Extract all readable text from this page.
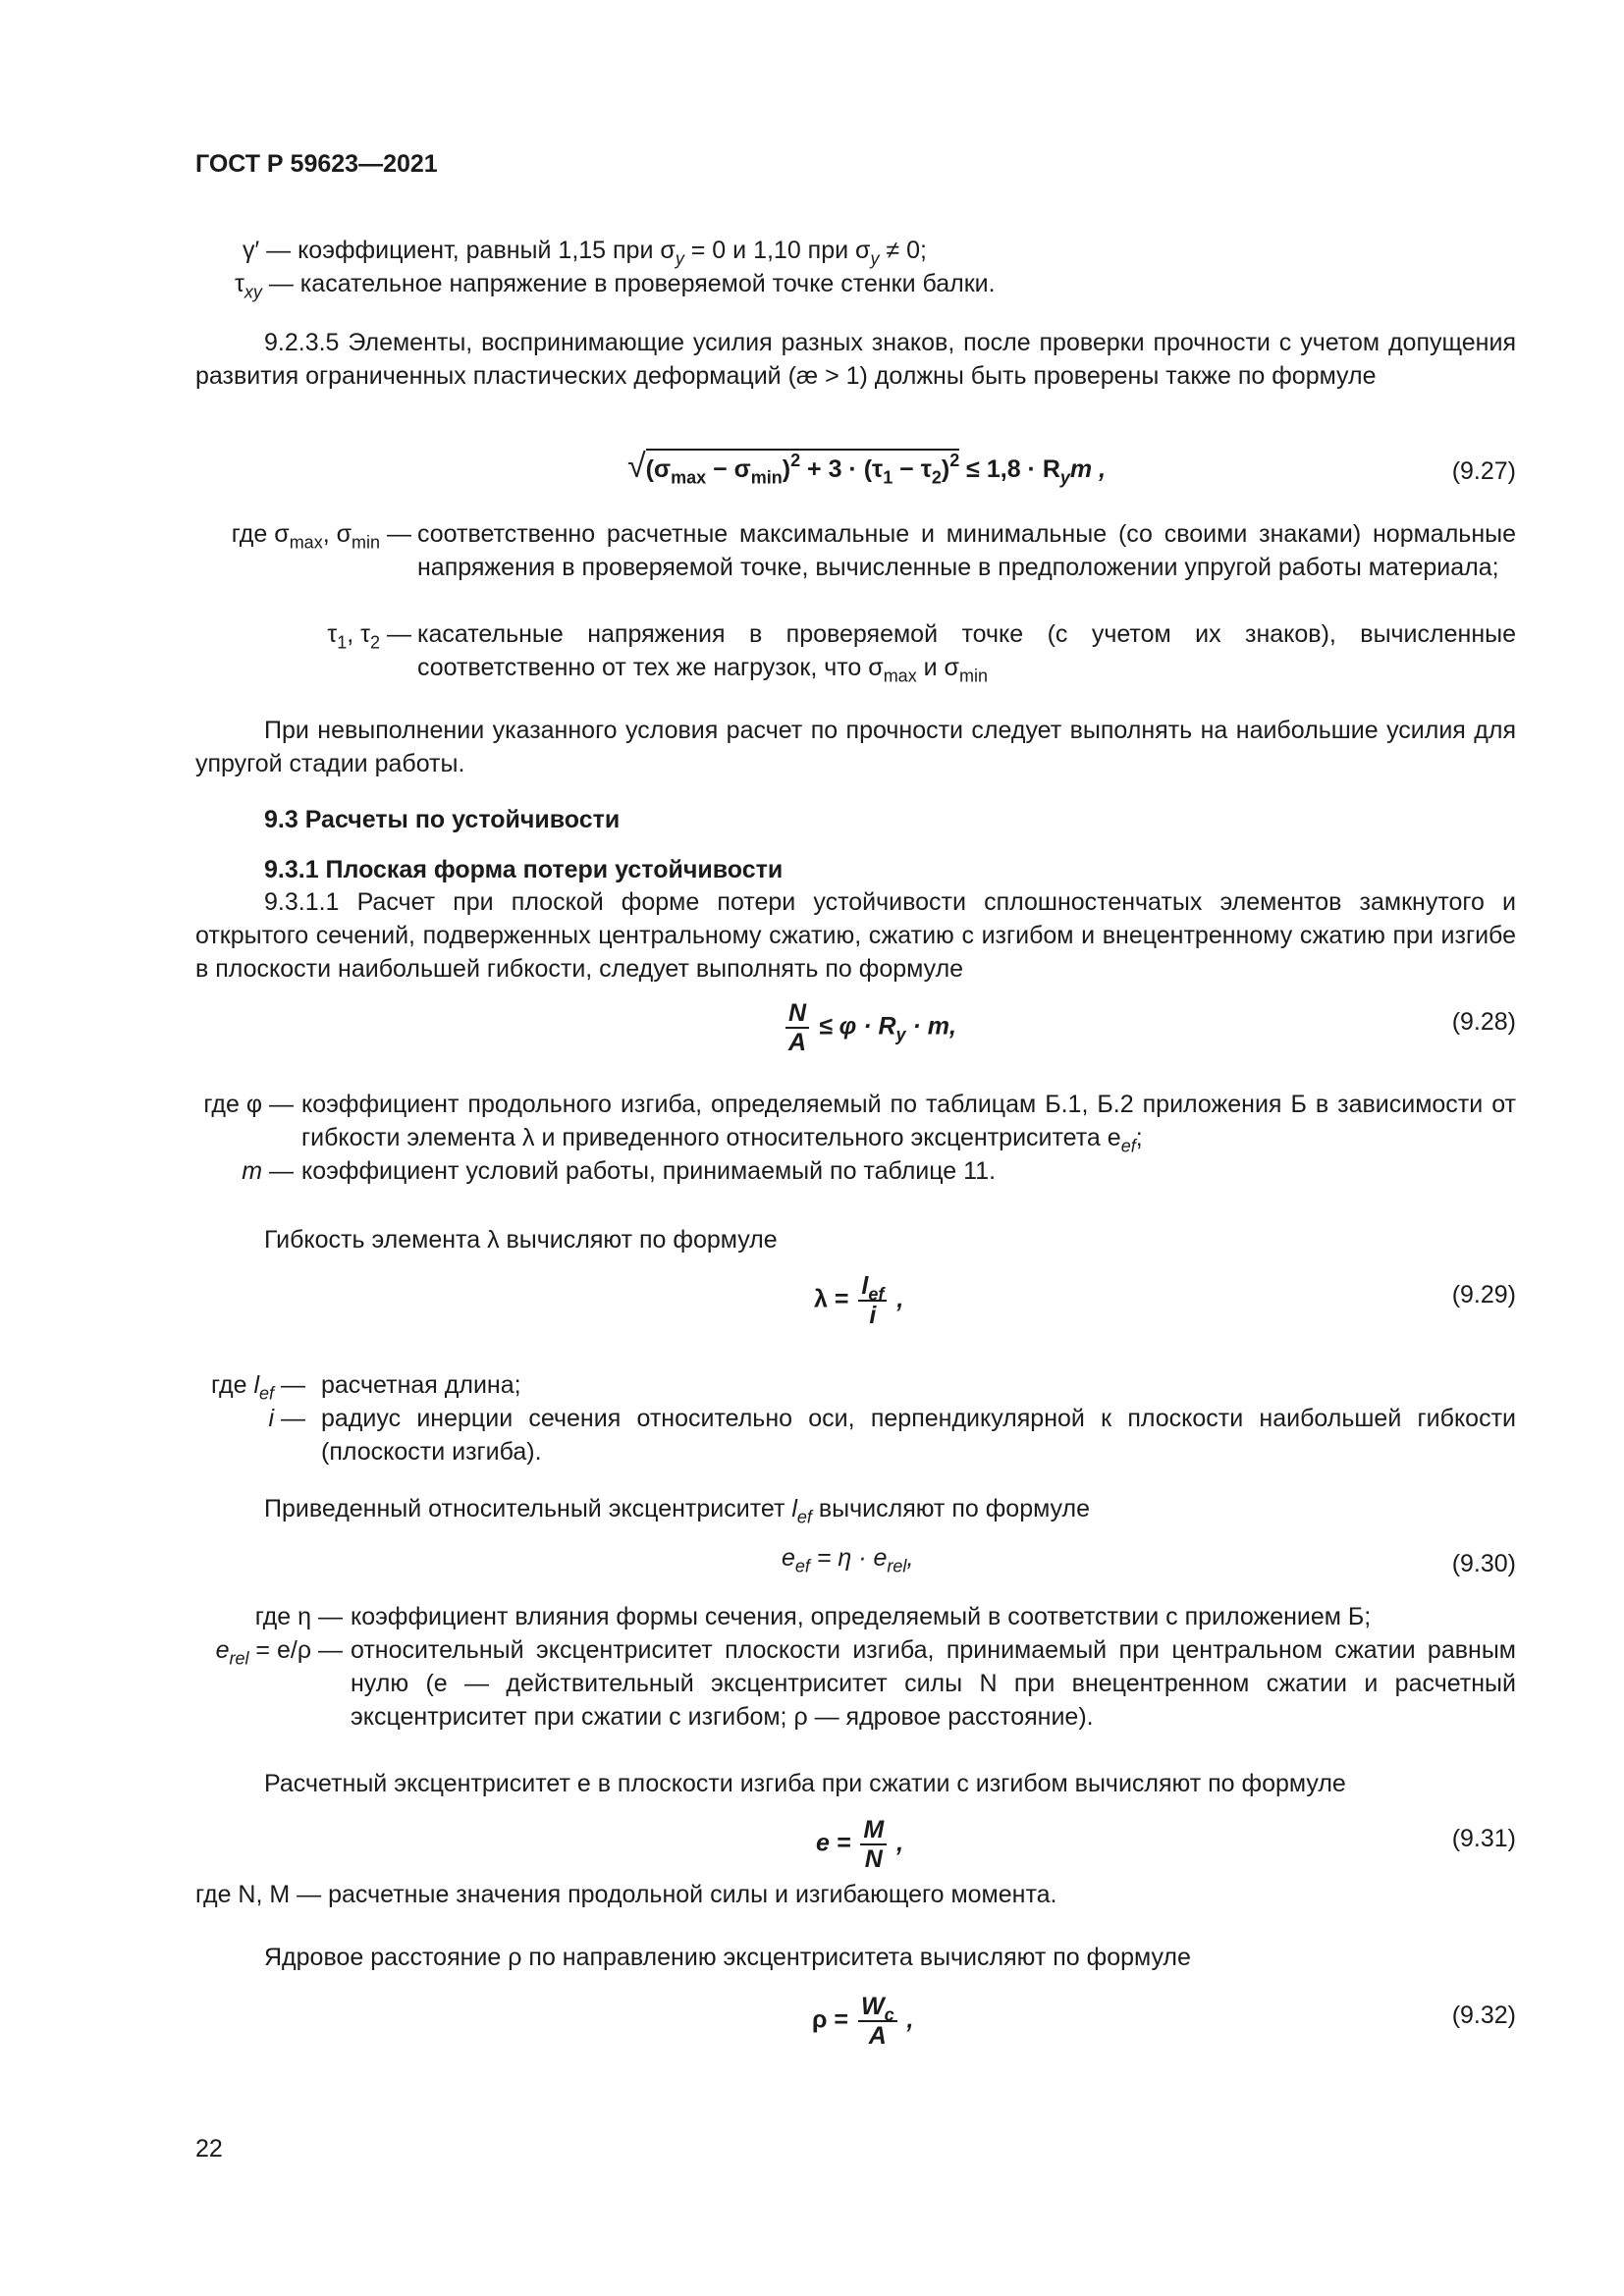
ГОСТ Р 59623—2021
γ′ — коэффициент, равный 1,15 при $\sigma_y = 0$ и 1,10 при $\sigma_y \ne 0$;
$\tau_{xy}$ — касательное напряжение в проверяемой точке стенки балки.
9.2.3.5 Элементы, воспринимающие усилия разных знаков, после проверки прочности с учетом допущения развития ограниченных пластических деформаций (æ > 1) должны быть проверены также по формуле
$√(\sigma_{max} - \sigma_{min})^2 + 3 \cdot (\tau_1 - \tau_2)^2 \le 1,8 \cdot R_ym$ ,	(9.27)
где $\sigma_{max}$, $\sigma_{min}$ — соответственно расчетные максимальные и минимальные (со своими знаками) нормальные напряжения в проверяемой точке, вычисленные в предположении упругой работы материала;
$\tau_1$, $\tau_2$ — касательные напряжения в проверяемой точке (с учетом их знаков), вычисленные соответственно от тех же нагрузок, что $\sigma_{max}$ и $\sigma_{min}$
При невыполнении указанного условия расчет по прочности следует выполнять на наибольшие усилия для упругой стадии работы.
9.3 Расчеты по устойчивости
9.3.1 Плоская форма потери устойчивости
9.3.1.1 Расчет при плоской форме потери устойчивости сплошностенчатых элементов замкнутого и открытого сечений, подверженных центральному сжатию, сжатию с изгибом и внецентренному сжатию при изгибе в плоскости наибольшей гибкости, следует выполнять по формуле
$\frac{N}{A} \le \varphi \cdot R_y \cdot m$,	(9.28)
где φ — коэффициент продольного изгиба, определяемый по таблицам Б.1, Б.2 приложения Б в зависимости от гибкости элемента λ и приведенного относительного эксцентриситета $e_{ef}$;
m — коэффициент условий работы, принимаемый по таблице 11.
Гибкость элемента λ вычисляют по формуле
$\lambda = \frac{l_{ef}}{i}$ ,	(9.29)
где $l_{ef}$ — расчетная длина;
i — радиус инерции сечения относительно оси, перпендикулярной к плоскости наибольшей гибкости (плоскости изгиба).
Приведенный относительный эксцентриситет $l_{ef}$ вычисляют по формуле
$e_{ef} = \eta \cdot e_{rel}$,	(9.30)
где η — коэффициент влияния формы сечения, определяемый в соответствии с приложением Б;
$e_{rel} = e/\rho$ — относительный эксцентриситет плоскости изгиба, принимаемый при центральном сжатии равным нулю (e — действительный эксцентриситет силы N при внецентренном сжатии и расчетный эксцентриситет при сжатии с изгибом; ρ — ядровое расстояние).
Расчетный эксцентриситет e в плоскости изгиба при сжатии с изгибом вычисляют по формуле
$e = \frac{M}{N}$ ,	(9.31)
где N, M — расчетные значения продольной силы и изгибающего момента.
Ядровое расстояние ρ по направлению эксцентриситета вычисляют по формуле
$\rho = \frac{W_c}{A}$ ,	(9.32)
22
